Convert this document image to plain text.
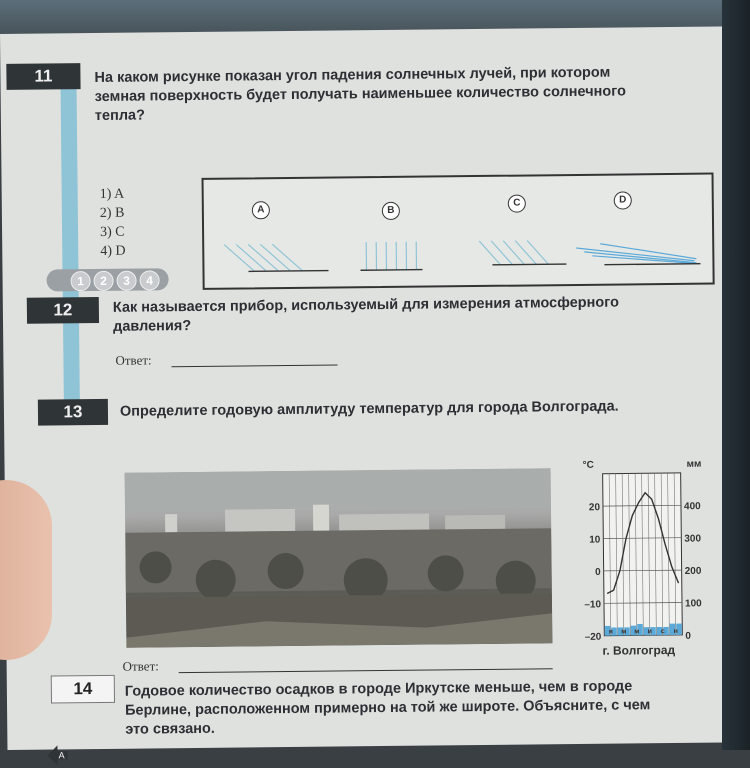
11	На каком рисунке показан угол падения солнечных лучей, при котором
земная поверхность будет получать наименьшее количество солнечного
тепла?
1) A
2) B
3) C
4) D
1	2	3	4
A	B
C	D
12	Как называется прибор, используемый для измерения атмосферного
давления?
Ответ:
13	Определите годовую амплитуду температур для города Волгограда.
Ответ:
°С	мм
20
10
0
–10
–20
400
300
200
100
0
я м м и с н
г. Волгоград
14	Годовое количество осадков в городе Иркутске меньше, чем в городе
Берлине, расположенном примерно на той же широте. Объясните, с чем
это связано.
А
